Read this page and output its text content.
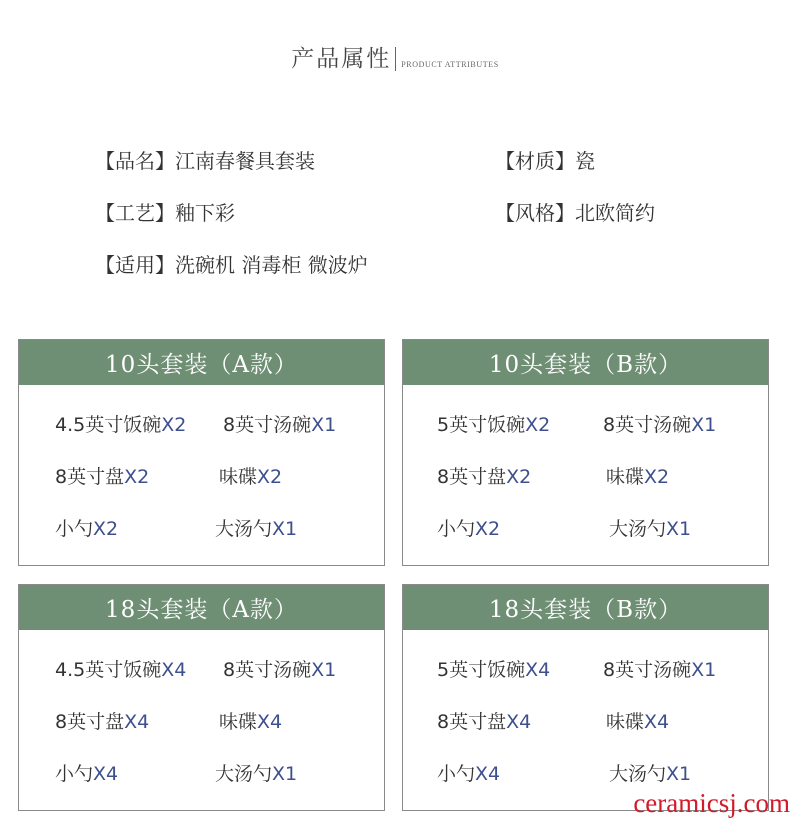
产品属性 PRODUCT ATTRIBUTES
【品名】江南春餐具套装	【材质】瓷
【工艺】釉下彩	【风格】北欧简约
【适用】洗碗机 消毒柜 微波炉
10头套装（A款）
4.5英寸饭碗X2 8英寸汤碗X1
8英寸盘X2	味碟X2
小勺X2	大汤勺X1
10头套装（B款）
5英寸饭碗X2	8英寸汤碗X1
8英寸盘X2	味碟X2
小勺X2	大汤勺X1
18头套装（A款）
4.5英寸饭碗X4 8英寸汤碗X1
8英寸盘X4	味碟X4
小勺X4	大汤勺X1
18头套装（B款）
5英寸饭碗X4	8英寸汤碗X1
8英寸盘X4	味碟X4
小勺X4	大汤勺X1
ceramicsj.com
